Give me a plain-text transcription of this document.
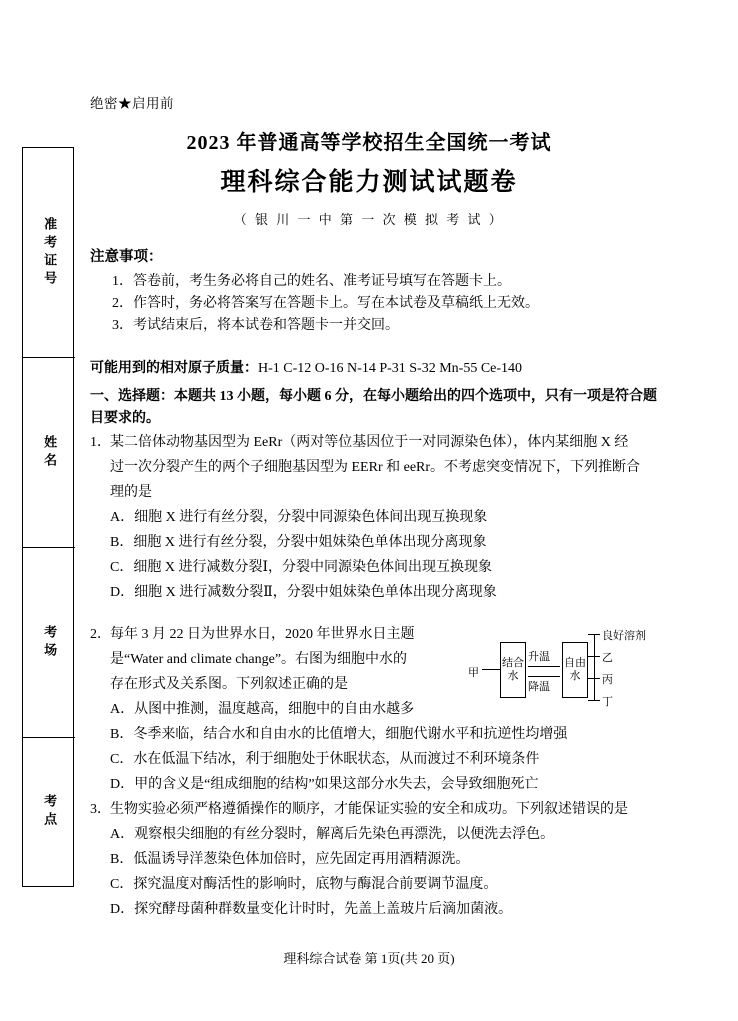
绝密★启用前
准考证号
姓名
考场
考点
2023 年普通高等学校招生全国统一考试
理科综合能力测试试题卷
（ 银 川 一 中 第 一 次 模 拟 考 试 ）
注意事项：
1．答卷前，考生务必将自己的姓名、准考证号填写在答题卡上。
2．作答时，务必将答案写在答题卡上。写在本试卷及草稿纸上无效。
3．考试结束后，将本试卷和答题卡一并交回。
可能用到的相对原子质量：H-1 C-12 O-16 N-14 P-31 S-32 Mn-55 Ce-140
一、选择题：本题共 13 小题，每小题 6 分，在每小题给出的四个选项中，只有一项是符合题目要求的。
1． 某二倍体动物基因型为 EeRr（两对等位基因位于一对同源染色体），体内某细胞 X 经
过一次分裂产生的两个子细胞基因型为 EERr 和 eeRr。不考虑突变情况下，下列推断合
理的是
A．细胞 X 进行有丝分裂，分裂中同源染色体间出现互换现象
B．细胞 X 进行有丝分裂，分裂中姐妹染色单体出现分离现象
C．细胞 X 进行减数分裂Ⅰ，分裂中同源染色体间出现互换现象
D．细胞 X 进行减数分裂Ⅱ，分裂中姐妹染色单体出现分离现象
2． 每年 3 月 22 日为世界水日，2020 年世界水日主题
是“Water and climate change”。右图为细胞中水的
存在形式及关系图。下列叙述正确的是
A．从图中推测，温度越高，细胞中的自由水越多
B．冬季来临，结合水和自由水的比值增大，细胞代谢水平和抗逆性均增强
C．水在低温下结冰，利于细胞处于休眠状态，从而渡过不利环境条件
D．甲的含义是“组成细胞的结构”如果这部分水失去，会导致细胞死亡
甲
结合水
升温
降温
自由水
良好溶剂
乙
丙
丁
3． 生物实验必须严格遵循操作的顺序，才能保证实验的安全和成功。下列叙述错误的是
A．观察根尖细胞的有丝分裂时，解离后先染色再漂洗，以便洗去浮色。
B．低温诱导洋葱染色体加倍时，应先固定再用酒精源洗。
C．探究温度对酶活性的影响时，底物与酶混合前要调节温度。
D．探究酵母菌种群数量变化计时时，先盖上盖玻片后滴加菌液。
理科综合试卷 第 1页(共 20 页)
